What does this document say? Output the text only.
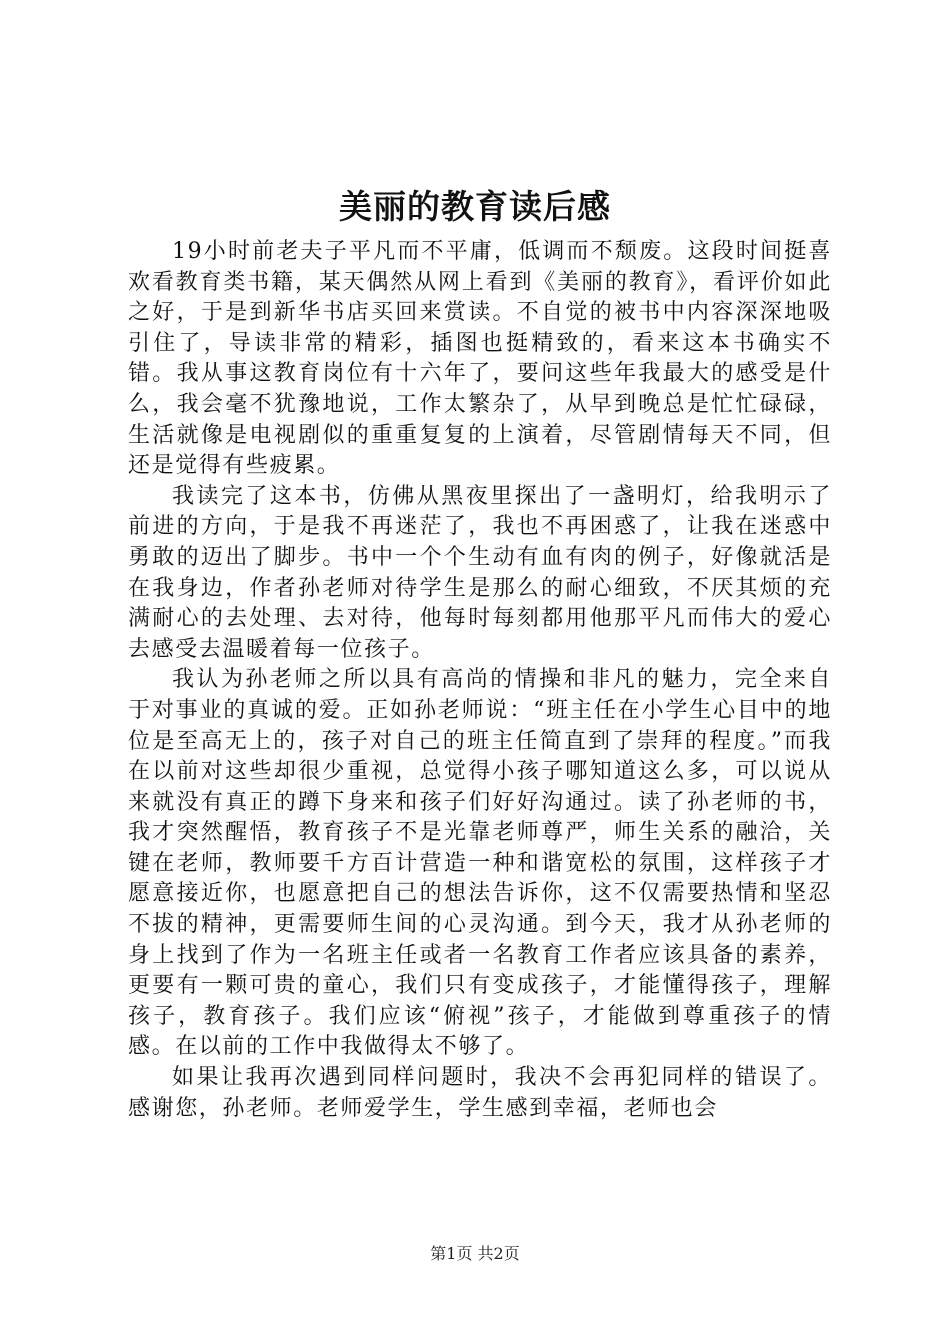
美丽的教育读后感

19小时前老夫子平凡而不平庸，低调而不颓废。这段时间挺喜欢看教育类书籍，某天偶然从网上看到《美丽的教育》，看评价如此之好，于是到新华书店买回来赏读。不自觉的被书中内容深深地吸引住了，导读非常的精彩，插图也挺精致的，看来这本书确实不错。我从事这教育岗位有十六年了，要问这些年我最大的感受是什么，我会毫不犹豫地说，工作太繁杂了，从早到晚总是忙忙碌碌，生活就像是电视剧似的重重复复的上演着，尽管剧情每天不同，但还是觉得有些疲累。

我读完了这本书，仿佛从黑夜里探出了一盏明灯，给我明示了前进的方向，于是我不再迷茫了，我也不再困惑了，让我在迷惑中勇敢的迈出了脚步。书中一个个生动有血有肉的例子，好像就活是在我身边，作者孙老师对待学生是那么的耐心细致，不厌其烦的充满耐心的去处理、去对待，他每时每刻都用他那平凡而伟大的爱心去感受去温暖着每一位孩子。

我认为孙老师之所以具有高尚的情操和非凡的魅力，完全来自于对事业的真诚的爱。正如孙老师说：“班主任在小学生心目中的地位是至高无上的，孩子对自己的班主任简直到了崇拜的程度。”而我在以前对这些却很少重视，总觉得小孩子哪知道这么多，可以说从来就没有真正的蹲下身来和孩子们好好沟通过。读了孙老师的书，我才突然醒悟，教育孩子不是光靠老师尊严，师生关系的融洽，关键在老师，教师要千方百计营造一种和谐宽松的氛围，这样孩子才愿意接近你，也愿意把自己的想法告诉你，这不仅需要热情和坚忍不拔的精神，更需要师生间的心灵沟通。到今天，我才从孙老师的身上找到了作为一名班主任或者一名教育工作者应该具备的素养，更要有一颗可贵的童心，我们只有变成孩子，才能懂得孩子，理解孩子，教育孩子。我们应该“俯视”孩子，才能做到尊重孩子的情感。在以前的工作中我做得太不够了。

如果让我再次遇到同样问题时，我决不会再犯同样的错误了。感谢您，孙老师。老师爱学生，学生感到幸福，老师也会

第1页 共2页
